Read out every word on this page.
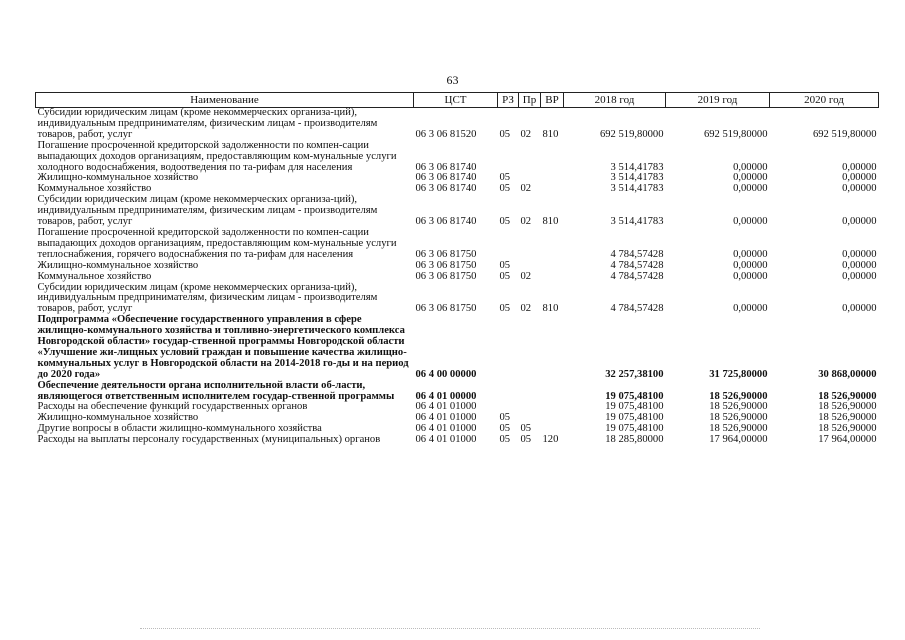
63
Наименование	ЦСТ	РЗ	Пр	ВР	2018 год	2019 год	2020 год
Субсидии юридическим лицам (кроме некоммерческих организа-ций), индивидуальным предпринимателям, физическим лицам - производителям товаров, работ, услуг	06 3 06 81520	05	02	810	692 519,80000	692 519,80000	692 519,80000
Погашение просроченной кредиторской задолженности по компен-сации выпадающих доходов организациям, предоставляющим ком-мунальные услуги холодного водоснабжения, водоотведения по та-рифам для населения	06 3 06 81740				3 514,41783	0,00000	0,00000
Жилищно-коммунальное хозяйство	06 3 06 81740	05			3 514,41783	0,00000	0,00000
Коммунальное хозяйство	06 3 06 81740	05	02		3 514,41783	0,00000	0,00000
Субсидии юридическим лицам (кроме некоммерческих организа-ций), индивидуальным предпринимателям, физическим лицам - производителям товаров, работ, услуг	06 3 06 81740	05	02	810	3 514,41783	0,00000	0,00000
Погашение просроченной кредиторской задолженности по компен-сации выпадающих доходов организациям, предоставляющим ком-мунальные услуги теплоснабжения, горячего водоснабжения по та-рифам для населения	06 3 06 81750				4 784,57428	0,00000	0,00000
Жилищно-коммунальное хозяйство	06 3 06 81750	05			4 784,57428	0,00000	0,00000
Коммунальное хозяйство	06 3 06 81750	05	02		4 784,57428	0,00000	0,00000
Субсидии юридическим лицам (кроме некоммерческих организа-ций), индивидуальным предпринимателям, физическим лицам - производителям товаров, работ, услуг	06 3 06 81750	05	02	810	4 784,57428	0,00000	0,00000
Подпрограмма «Обеспечение государственного управления в сфере жилищно-коммунального хозяйства и топливно-энергетического комплекса Новгородской области» государ-ственной программы Новгородской области «Улучшение жи-лищных условий граждан и повышение качества жилищно-коммунальных услуг в Новгородской области на 2014-2018 го-ды и на период до 2020 года»	06 4 00 00000				32 257,38100	31 725,80000	30 868,00000
Обеспечение деятельности органа исполнительной власти об-ласти, являющегося ответственным исполнителем государ-ственной программы	06 4 01 00000				19 075,48100	18 526,90000	18 526,90000
Расходы на обеспечение функций государственных органов	06 4 01 01000				19 075,48100	18 526,90000	18 526,90000
Жилищно-коммунальное хозяйство	06 4 01 01000	05			19 075,48100	18 526,90000	18 526,90000
Другие вопросы в области жилищно-коммунального хозяйства	06 4 01 01000	05	05		19 075,48100	18 526,90000	18 526,90000
Расходы на выплаты персоналу государственных (муниципальных) органов	06 4 01 01000	05	05	120	18 285,80000	17 964,00000	17 964,00000
